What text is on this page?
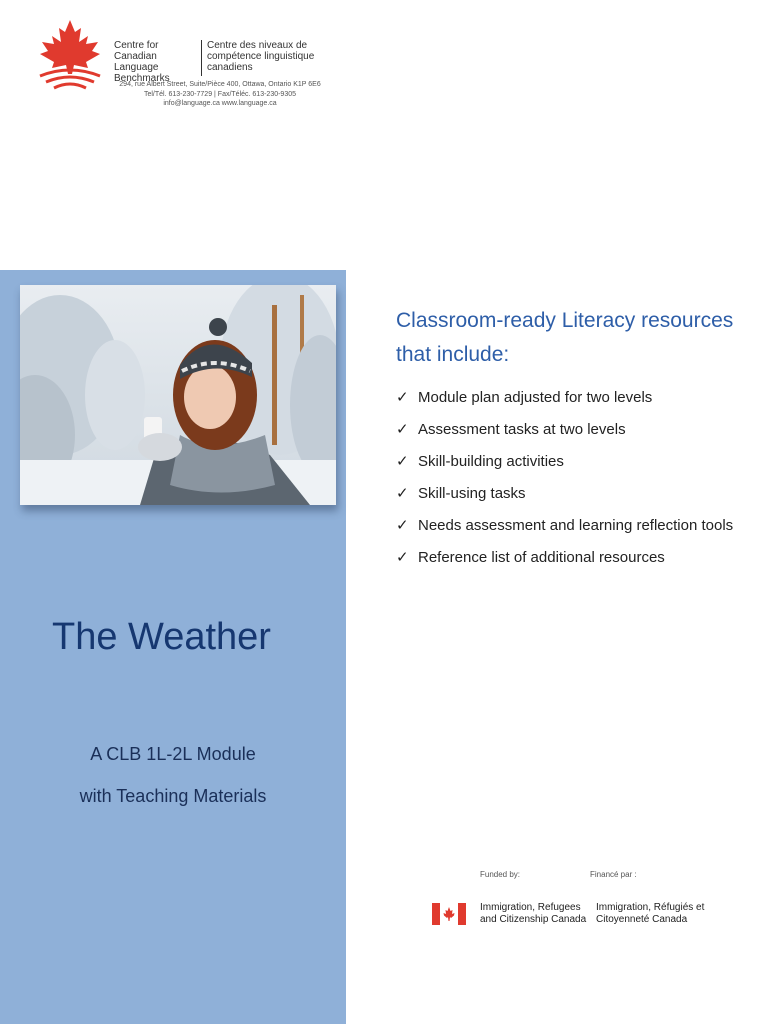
Centre for Canadian Language Benchmarks
Centre des niveaux de compétence linguistique canadiens
294, rue Albert Street, Suite/Pièce 400, Ottawa, Ontario K1P 6E6
Tel/Tél. 613-230-7729 | Fax/Téléc. 613-230-9305
info@language.ca www.language.ca
The Weather

A CLB 1L-2L Module

with Teaching Materials

Classroom-ready Literacy resources that include:
✓ Module plan adjusted for two levels
✓ Assessment tasks at two levels
✓ Skill-building activities
✓ Skill-using tasks
✓ Needs assessment and learning reflection tools
✓ Reference list of additional resources
Funded by:	Financé par :
Immigration, Refugees and Citizenship Canada
Immigration, Réfugiés et Citoyenneté Canada
